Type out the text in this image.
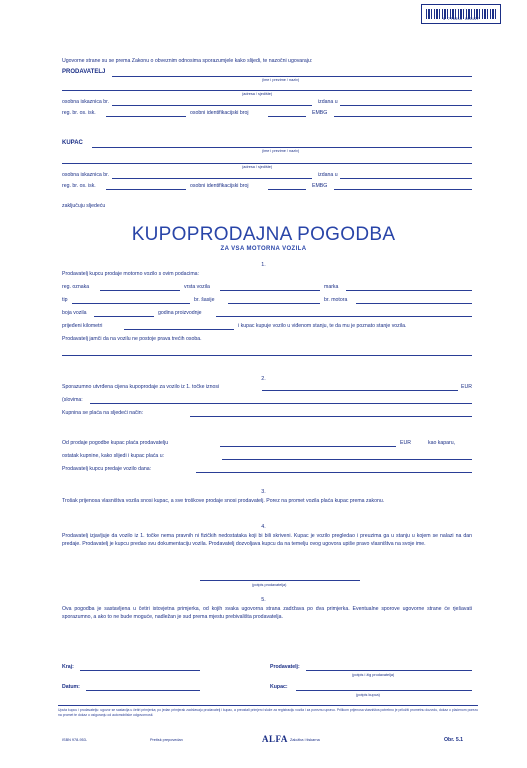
9 770353 106127
Ugovorne strane su se prema Zakonu o obveznim odnosima sporazumjele kako slijedi, te nazočni ugovaraju:
PRODAVATELJ
(ime i prezime / naziv)
(adresa / sjedište)
osobna iskaznica br.	izdana u
reg. br. os. isk.	osobni identifikacijski broj	EMBG
KUPAC
(ime i prezime / naziv)
(adresa / sjedište)
osobna iskaznica br.	izdana u
reg. br. os. isk.	osobni identifikacijski broj	EMBG
zaključuju sljedeću
KUPOPRODAJNA POGODBA
ZA VSA MOTORNA VOZILA
1.
Prodavatelj kupcu prodaje motorno vozilo s ovim podacima:
reg. oznaka	vrsta vozila	marka
tip	br. šasije	br. motora
boja vozila	godina proizvodnje
prijeđeni kilometri	i kupac kupuje vozilo u viđenom stanju, te da mu je poznato stanje vozila.
Prodavatelj jamči da na vozilu ne postoje prava trećih osoba.
2.
Sporazumno utvrđena cijena kupoprodaje za vozilo iz 1. točke iznosi	EUR
(slovima:
Kupnina se plaća na sljedeći način:
Od prodaje pogodbe kupac plaća prodavatelju	EUR	kao kaparu,
ostatak kupnine, kako slijedi i kupac plaća u:
Prodavatelj kupcu predaje vozilo dana:
3.
Trošak prijenosa vlasništva vozila snosi kupac, a sve troškove prodaje snosi prodavatelj. Porez na promet vozila plaća kupac prema zakonu.
4.
Prodavatelj izjavljuje da vozilo iz 1. točke nema pravnih ni fizičkih nedostataka koji bi bili skriveni. Kupac je vozilo pregledao i preuzima ga u stanju u kojem se nalazi na dan predaje. Prodavatelj je kupcu predao svu dokumentaciju vozila. Prodavatelj dozvoljava kupcu da na temelju ovog ugovora upiše pravo vlasništva na svoje ime.
(potpis prodavatelja)
5.
Ova pogodba je sastavljena u četiri istovjetna primjerka, od kojih svaka ugovorna strana zadržava po dva primjerka. Eventualne sporove ugovorne strane će rješavati sporazumno, a ako to ne bude moguće, nadležan je sud prema mjestu prebivališta prodavatelja.
Kraj:	Prodavatelj:
(potpis i žig prodavatelja)
Datum:	Kupac:
(potpis kupca)
Uputa kupcu i prodavatelju: ugovor se sastavlja u četiri primjerka; po jedan primjerak zadržavaju prodavatelj i kupac, a preostali primjerci služe za registraciju vozila i za poreznu upravu. Prilikom prijenosa vlasništva potrebno je priložiti prometnu dozvolu, dokaz o plaćenom porezu na promet te dokaz o osiguranju od automobilske odgovornosti.
ISBN 978-953-	Pretisk prepovedan	ALFA Založba i tiskarna	Obr. 5.1
